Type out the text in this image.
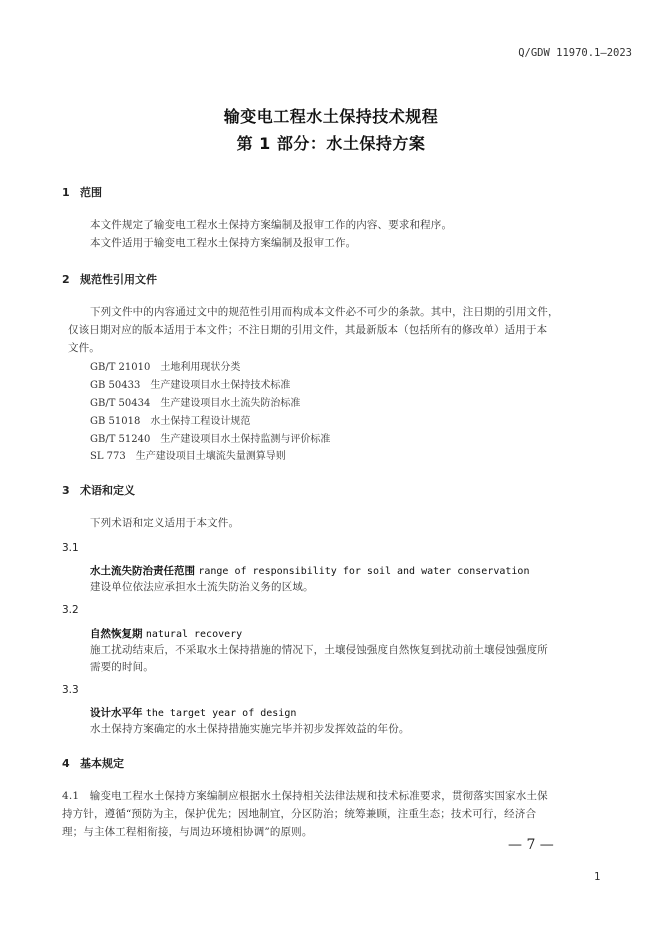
Q/GDW 11970.1—2023
输变电工程水土保持技术规程
第 1 部分：水土保持方案
1 范围
本文件规定了输变电工程水土保持方案编制及报审工作的内容、要求和程序。
本文件适用于输变电工程水土保持方案编制及报审工作。
2 规范性引用文件
下列文件中的内容通过文中的规范性引用而构成本文件必不可少的条款。其中，注日期的引用文件，
仅该日期对应的版本适用于本文件；不注日期的引用文件，其最新版本（包括所有的修改单）适用于本
文件。
GB/T 21010　土地利用现状分类
GB 50433　生产建设项目水土保持技术标准
GB/T 50434　生产建设项目水土流失防治标准
GB 51018　水土保持工程设计规范
GB/T 51240　生产建设项目水土保持监测与评价标准
SL 773　生产建设项目土壤流失量测算导则
3 术语和定义
下列术语和定义适用于本文件。
3.1
水土流失防治责任范围 range of responsibility for soil and water conservation
建设单位依法应承担水土流失防治义务的区域。
3.2
自然恢复期 natural recovery
施工扰动结束后，不采取水土保持措施的情况下，土壤侵蚀强度自然恢复到扰动前土壤侵蚀强度所
需要的时间。
3.3
设计水平年 the target year of design
水土保持方案确定的水土保持措施实施完毕并初步发挥效益的年份。
4 基本规定
4.1　输变电工程水土保持方案编制应根据水土保持相关法律法规和技术标准要求，贯彻落实国家水土保
持方针，遵循“预防为主，保护优先；因地制宜，分区防治；统筹兼顾，注重生态；技术可行，经济合
理；与主体工程相衔接，与周边环境相协调”的原则。
— 7 —
1
